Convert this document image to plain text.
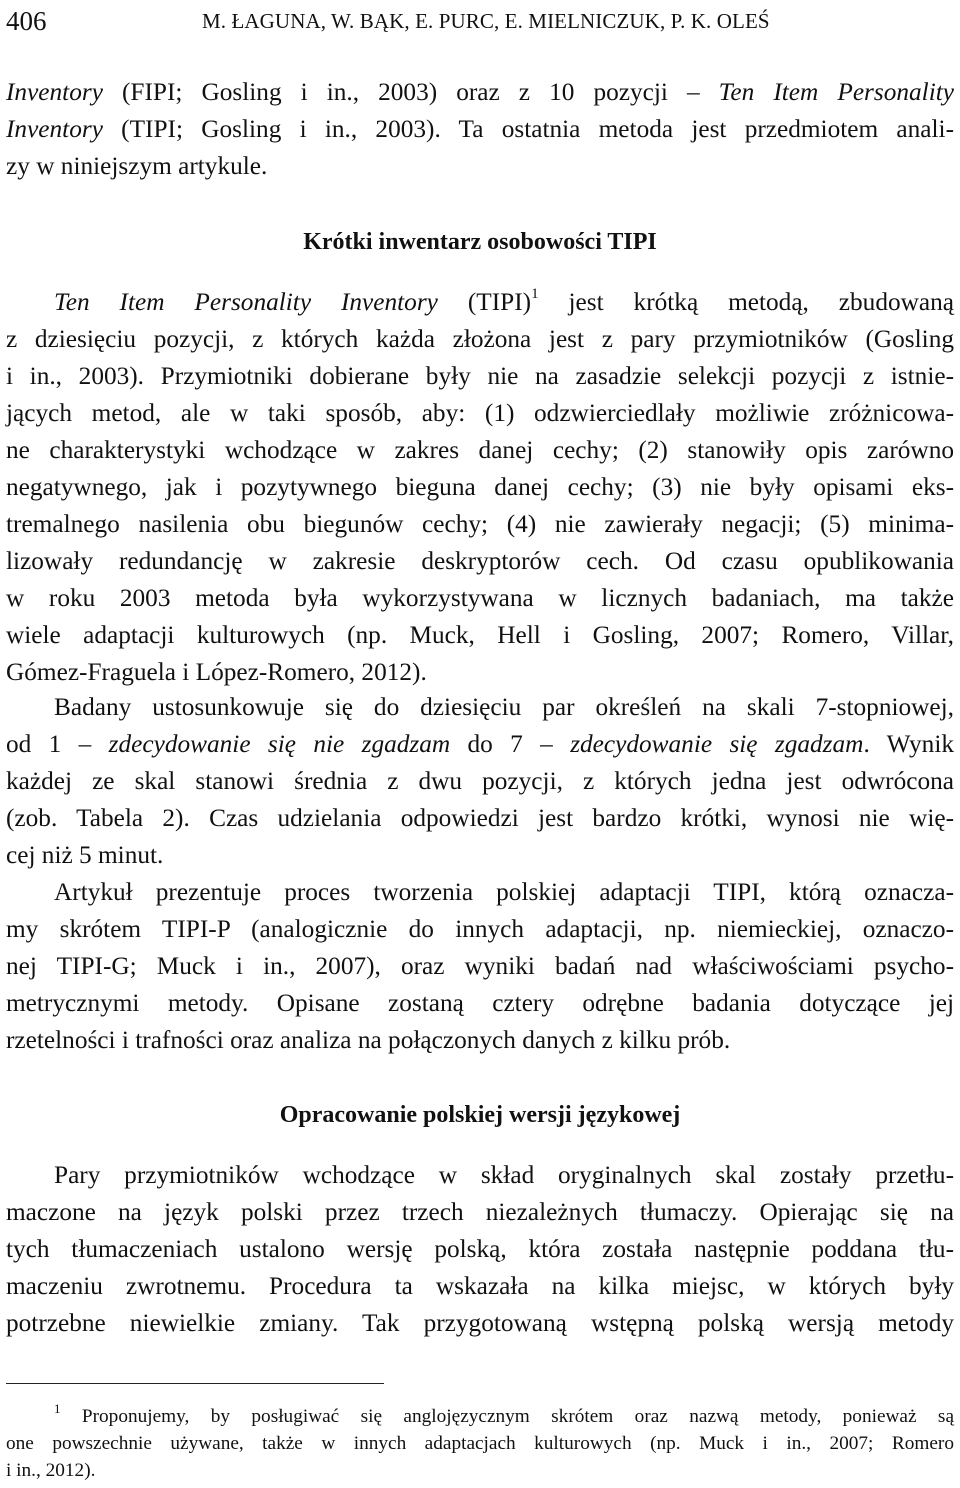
406	M. ŁAGUNA, W. BĄK, E. PURC, E. MIELNICZUK, P. K. OLEŚ
Inventory (FIPI; Gosling i in., 2003) oraz z 10 pozycji – Ten Item Personality
Inventory (TIPI; Gosling i in., 2003). Ta ostatnia metoda jest przedmiotem anali-
zy w niniejszym artykule.
Krótki inwentarz osobowości TIPI
Ten Item Personality Inventory (TIPI)$^1$ jest krótką metodą, zbudowaną
z dziesięciu pozycji, z których każda złożona jest z pary przymiotników (Gosling
i in., 2003). Przymiotniki dobierane były nie na zasadzie selekcji pozycji z istnie-
jących metod, ale w taki sposób, aby: (1) odzwierciedlały możliwie zróżnicowa-
ne charakterystyki wchodzące w zakres danej cechy; (2) stanowiły opis zarówno
negatywnego, jak i pozytywnego bieguna danej cechy; (3) nie były opisami eks-
tremalnego nasilenia obu biegunów cechy; (4) nie zawierały negacji; (5) minima-
lizowały redundancję w zakresie deskryptorów cech. Od czasu opublikowania
w roku 2003 metoda była wykorzystywana w licznych badaniach, ma także
wiele adaptacji kulturowych (np. Muck, Hell i Gosling, 2007; Romero, Villar,
Gómez-Fraguela i López-Romero, 2012).
Badany ustosunkowuje się do dziesięciu par określeń na skali 7-stopniowej,
od 1 – zdecydowanie się nie zgadzam do 7 – zdecydowanie się zgadzam. Wynik
każdej ze skal stanowi średnia z dwu pozycji, z których jedna jest odwrócona
(zob. Tabela 2). Czas udzielania odpowiedzi jest bardzo krótki, wynosi nie wię-
cej niż 5 minut.
Artykuł prezentuje proces tworzenia polskiej adaptacji TIPI, którą oznacza-
my skrótem TIPI-P (analogicznie do innych adaptacji, np. niemieckiej, oznaczo-
nej TIPI-G; Muck i in., 2007), oraz wyniki badań nad właściwościami psycho-
metrycznymi metody. Opisane zostaną cztery odrębne badania dotyczące jej
rzetelności i trafności oraz analiza na połączonych danych z kilku prób.
Opracowanie polskiej wersji językowej
Pary przymiotników wchodzące w skład oryginalnych skal zostały przetłu-
maczone na język polski przez trzech niezależnych tłumaczy. Opierając się na
tych tłumaczeniach ustalono wersję polską, która została następnie poddana tłu-
maczeniu zwrotnemu. Procedura ta wskazała na kilka miejsc, w których były
potrzebne niewielkie zmiany. Tak przygotowaną wstępną polską wersją metody
$^1$ Proponujemy, by posługiwać się anglojęzycznym skrótem oraz nazwą metody, ponieważ są
one powszechnie używane, także w innych adaptacjach kulturowych (np. Muck i in., 2007; Romero
i in., 2012).
